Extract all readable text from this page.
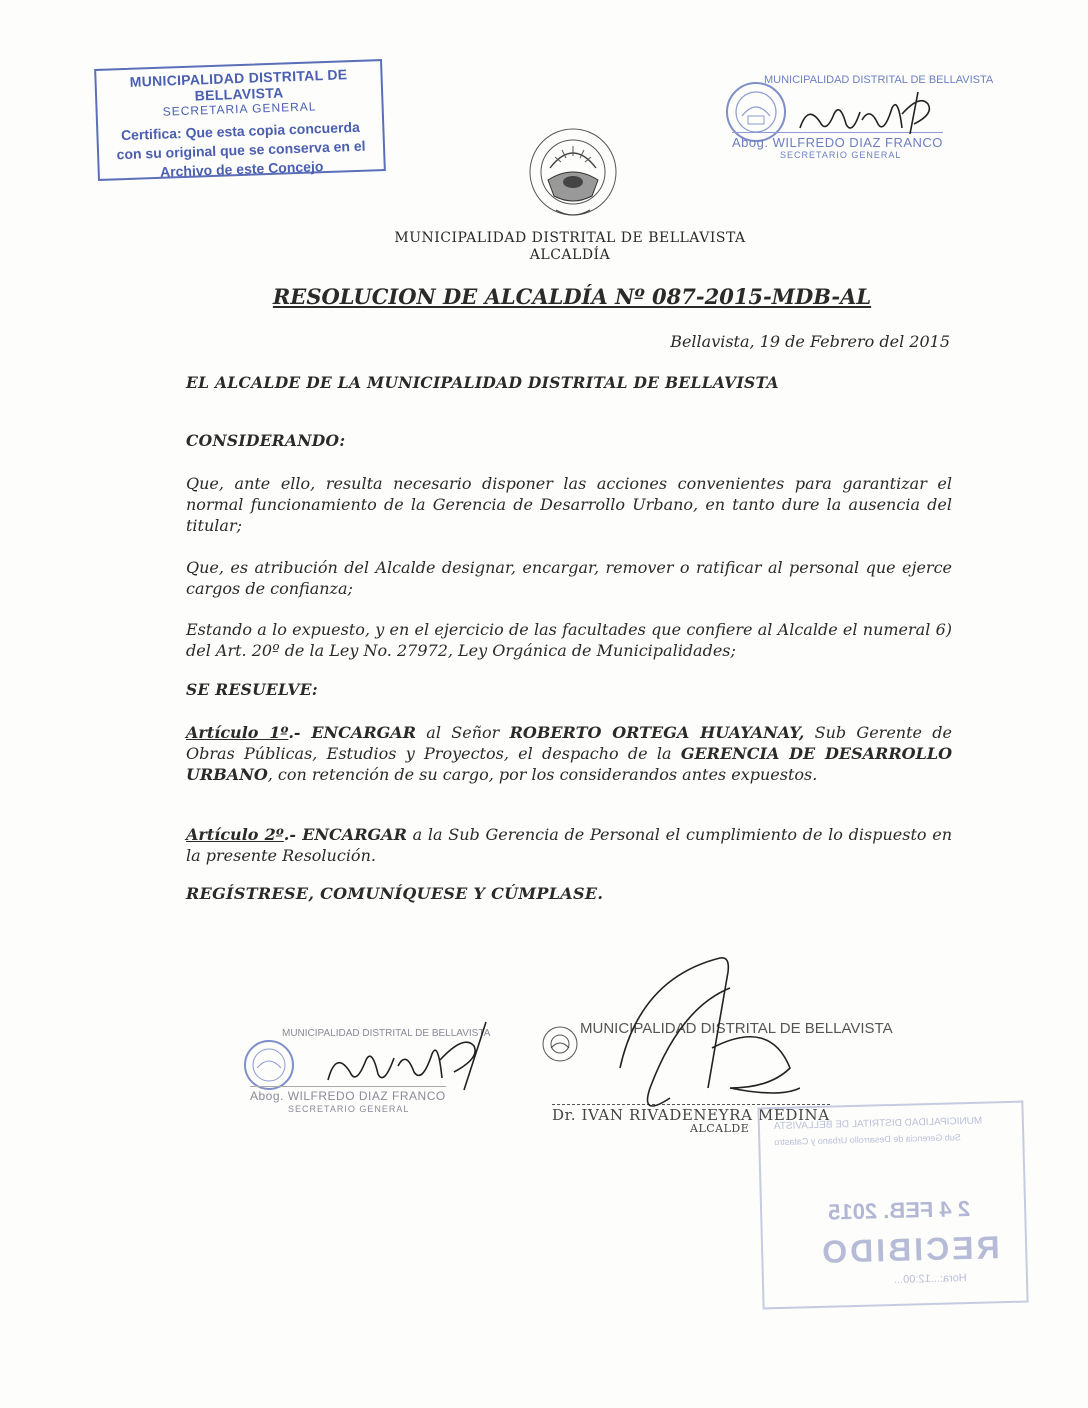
MUNICIPALIDAD DISTRITAL DE BELLAVISTA
SECRETARIA GENERAL
Certifica: Que esta copia concuerda
con su original que se conserva en el
Archivo de este Concejo
MUNICIPALIDAD DISTRITAL DE BELLAVISTA
Abog. WILFREDO DIAZ FRANCO
SECRETARIO GENERAL
MUNICIPALIDAD DISTRITAL DE BELLAVISTA
ALCALDÍA
RESOLUCION DE ALCALDÍA Nº 087-2015-MDB-AL
Bellavista, 19 de Febrero del 2015
EL ALCALDE DE LA MUNICIPALIDAD DISTRITAL DE BELLAVISTA
CONSIDERANDO:
Que, ante ello, resulta necesario disponer las acciones convenientes para garantizar el normal funcionamiento de la Gerencia de Desarrollo Urbano, en tanto dure la ausencia del titular;
Que, es atribución del Alcalde designar, encargar, remover o ratificar al personal que ejerce cargos de confianza;
Estando a lo expuesto, y en el ejercicio de las facultades que confiere al Alcalde el numeral 6) del Art. 20º de la Ley No. 27972, Ley Orgánica de Municipalidades;
SE RESUELVE:
Artículo 1º.- ENCARGAR al Señor ROBERTO ORTEGA HUAYANAY, Sub Gerente de Obras Públicas, Estudios y Proyectos, el despacho de la GERENCIA DE DESARROLLO URBANO, con retención de su cargo, por los considerandos antes expuestos.
Artículo 2º.- ENCARGAR a la Sub Gerencia de Personal el cumplimiento de lo dispuesto en la presente Resolución.
REGÍSTRESE, COMUNÍQUESE Y CÚMPLASE.
MUNICIPALIDAD DISTRITAL DE BELLAVISTA
Abog. WILFREDO DIAZ FRANCO
SECRETARIO GENERAL
MUNICIPALIDAD DISTRITAL DE BELLAVISTA
Dr. IVAN RIVADENEYRA MEDINA
ALCALDE MUNICIPALIDAD DISTRITAL DE BELLAVISTA
Sub Gerencia de Desarrollo Urbano y Catastro
2 4 FEB. 2015
RECIBIDO
Hora:...12:00...
